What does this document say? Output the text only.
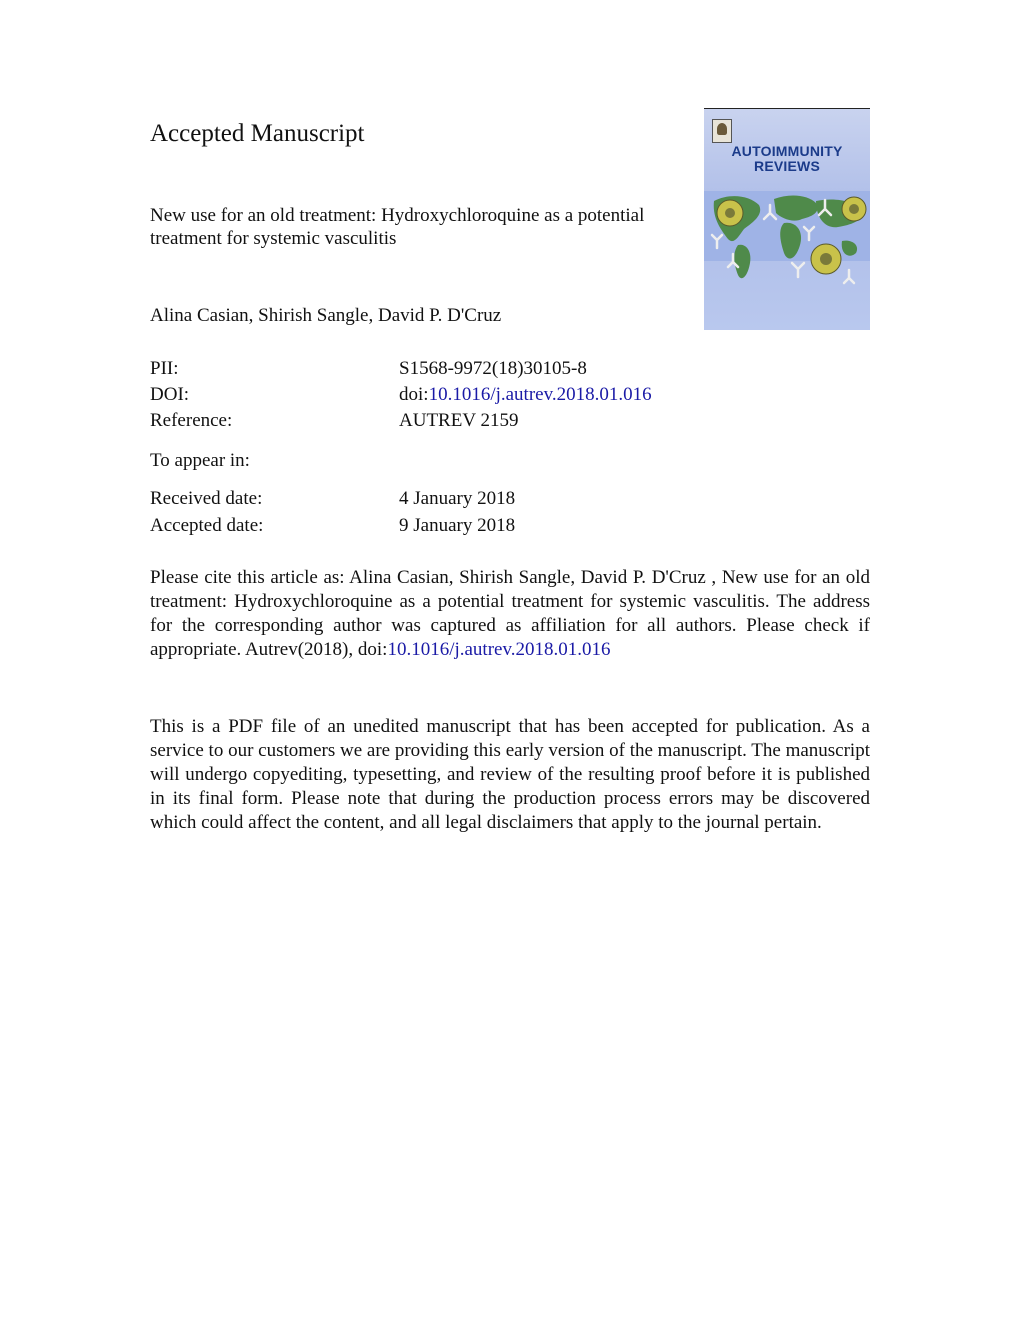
Accepted Manuscript
AUTOIMMUNITY
REVIEWS

New use for an old treatment: Hydroxychloroquine as a potential treatment for systemic vasculitis

Alina Casian, Shirish Sangle, David P. D'Cruz
PII:	S1568-9972(18)30105-8
DOI:	doi:10.1016/j.autrev.2018.01.016
Reference:	AUTREV 2159
To appear in:
Received date:	4 January 2018
Accepted date:	9 January 2018

Please cite this article as: Alina Casian, Shirish Sangle, David P. D'Cruz , New use for an old treatment: Hydroxychloroquine as a potential treatment for systemic vasculitis. The address for the corresponding author was captured as affiliation for all authors. Please check if appropriate. Autrev(2018), doi:10.1016/j.autrev.2018.01.016

This is a PDF file of an unedited manuscript that has been accepted for publication. As a service to our customers we are providing this early version of the manuscript. The manuscript will undergo copyediting, typesetting, and review of the resulting proof before it is published in its final form. Please note that during the production process errors may be discovered which could affect the content, and all legal disclaimers that apply to the journal pertain.
